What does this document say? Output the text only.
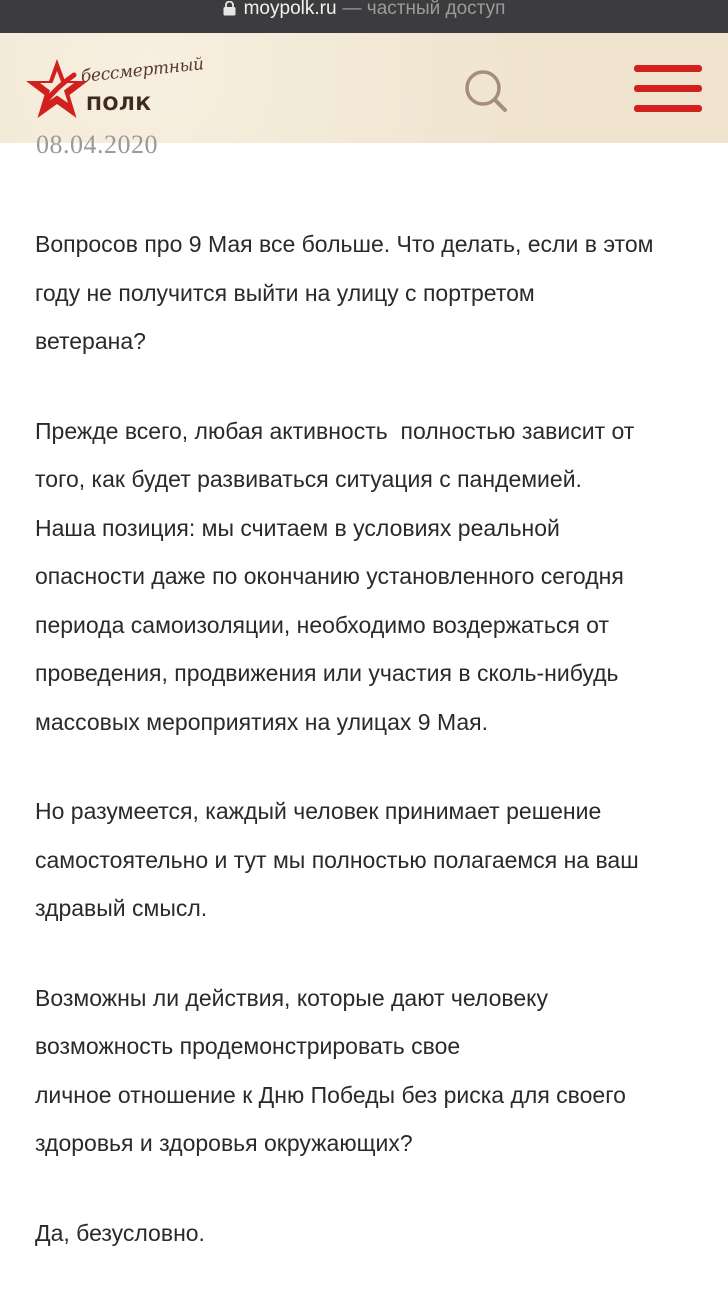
moypolk.ru — частный доступ
бессмертный
ПОЛК
08.04.2020

Вопросов про 9 Мая все больше. Что делать, если в этом
году не получится выйти на улицу с портретом
ветерана?

Прежде всего, любая активность  полностью зависит от
того, как будет развиваться ситуация с пандемией.
Наша позиция: мы считаем в условиях реальной
опасности даже по окончанию установленного сегодня
периода самоизоляции, необходимо воздержаться от
проведения, продвижения или участия в сколь-нибудь
массовых мероприятиях на улицах 9 Мая.

Но разумеется, каждый человек принимает решение
самостоятельно и тут мы полностью полагаемся на ваш
здравый смысл.

Возможны ли действия, которые дают человеку
возможность продемонстрировать свое
личное отношение к Дню Победы без риска для своего
здоровья и здоровья окружающих?

Да, безусловно.
